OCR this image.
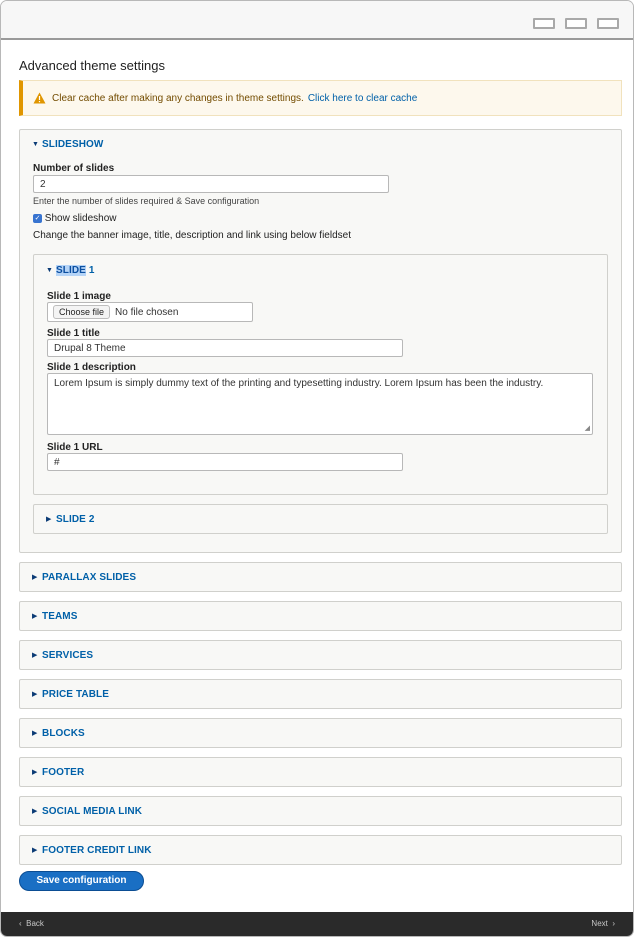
Advanced theme settings
Clear cache after making any changes in theme settings. Click here to clear cache
▼ SLIDESHOW
Number of slides
2
Enter the number of slides required & Save configuration
✓ Show slideshow
Change the banner image, title, description and link using below fieldset
▼ SLIDE
1
Slide 1 image
Choose file	No file chosen
Slide 1 title
Drupal 8 Theme
Slide 1 description
Lorem Ipsum is simply dummy text of the printing and typesetting industry. Lorem Ipsum has been the industry.
◢
Slide 1 URL
#
▶ SLIDE 2
▶ PARALLAX SLIDES
▶ TEAMS
▶ SERVICES
▶ PRICE TABLE
▶ BLOCKS
▶ FOOTER
▶ SOCIAL MEDIA LINK
▶ FOOTER CREDIT LINK
Save configuration
‹ Back	Next ›
